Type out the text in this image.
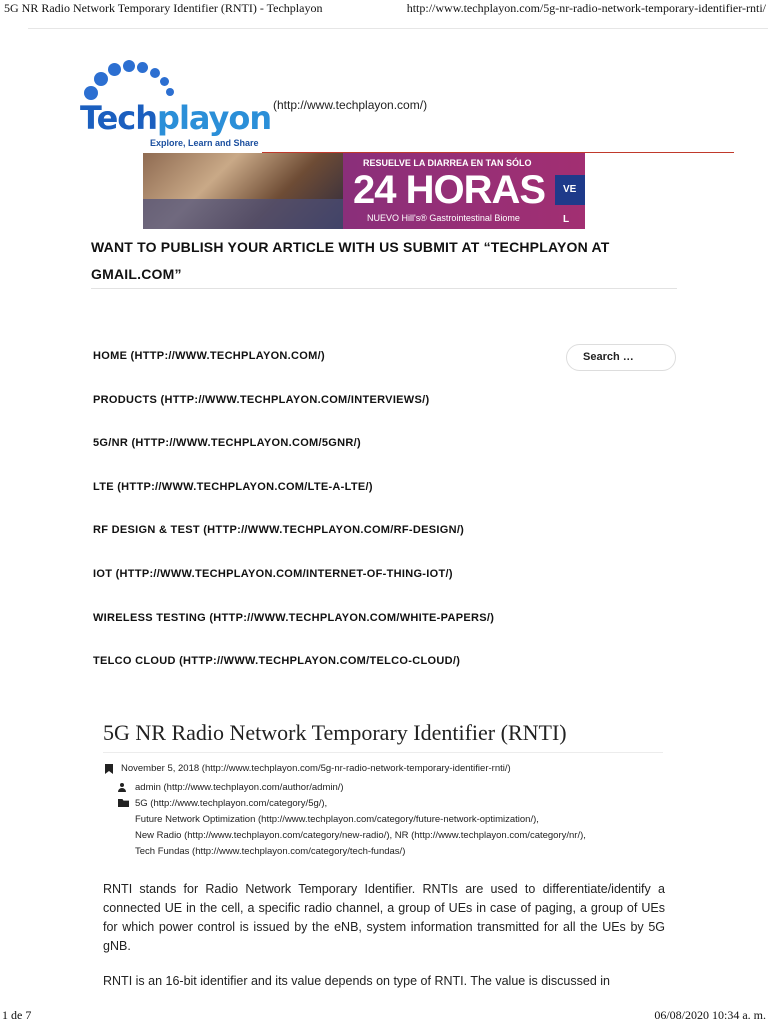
5G NR Radio Network Temporary Identifier (RNTI) - Techplayon	http://www.techplayon.com/5g-nr-radio-network-temporary-identifier-rnti/
Techplayon
Explore, Learn and Share
(http://www.techplayon.com/)
RESUELVE LA DIARREA EN TAN SÓLO
24 HORAS
NUEVO Hill's® Gastrointestinal Biome
VE L
WANT TO PUBLISH YOUR ARTICLE WITH US SUBMIT AT “TECHPLAYON AT GMAIL.COM”
HOME (HTTP://WWW.TECHPLAYON.COM/)
PRODUCTS (HTTP://WWW.TECHPLAYON.COM/INTERVIEWS/)
5G/NR (HTTP://WWW.TECHPLAYON.COM/5GNR/)
LTE (HTTP://WWW.TECHPLAYON.COM/LTE-A-LTE/)
RF DESIGN & TEST (HTTP://WWW.TECHPLAYON.COM/RF-DESIGN/)
IOT (HTTP://WWW.TECHPLAYON.COM/INTERNET-OF-THING-IOT/)
WIRELESS TESTING (HTTP://WWW.TECHPLAYON.COM/WHITE-PAPERS/)
TELCO CLOUD (HTTP://WWW.TECHPLAYON.COM/TELCO-CLOUD/)
Search …
5G NR Radio Network Temporary Identifier (RNTI)
November 5, 2018 (http://www.techplayon.com/5g-nr-radio-network-temporary-identifier-rnti/)
admin (http://www.techplayon.com/author/admin/)
5G (http://www.techplayon.com/category/5g/),
Future Network Optimization (http://www.techplayon.com/category/future-network-optimization/),
New Radio (http://www.techplayon.com/category/new-radio/), NR (http://www.techplayon.com/category/nr/),
Tech Fundas (http://www.techplayon.com/category/tech-fundas/)
RNTI stands for Radio Network Temporary Identifier. RNTIs are used to differentiate/identify a connected UE in the cell, a specific radio channel, a group of UEs in case of paging, a group of UEs for which power control is issued by the eNB, system information transmitted for all the UEs by 5G gNB.
RNTI is an 16-bit identifier and its value depends on type of RNTI. The value is discussed in
1 de 7	06/08/2020 10:34 a. m.
